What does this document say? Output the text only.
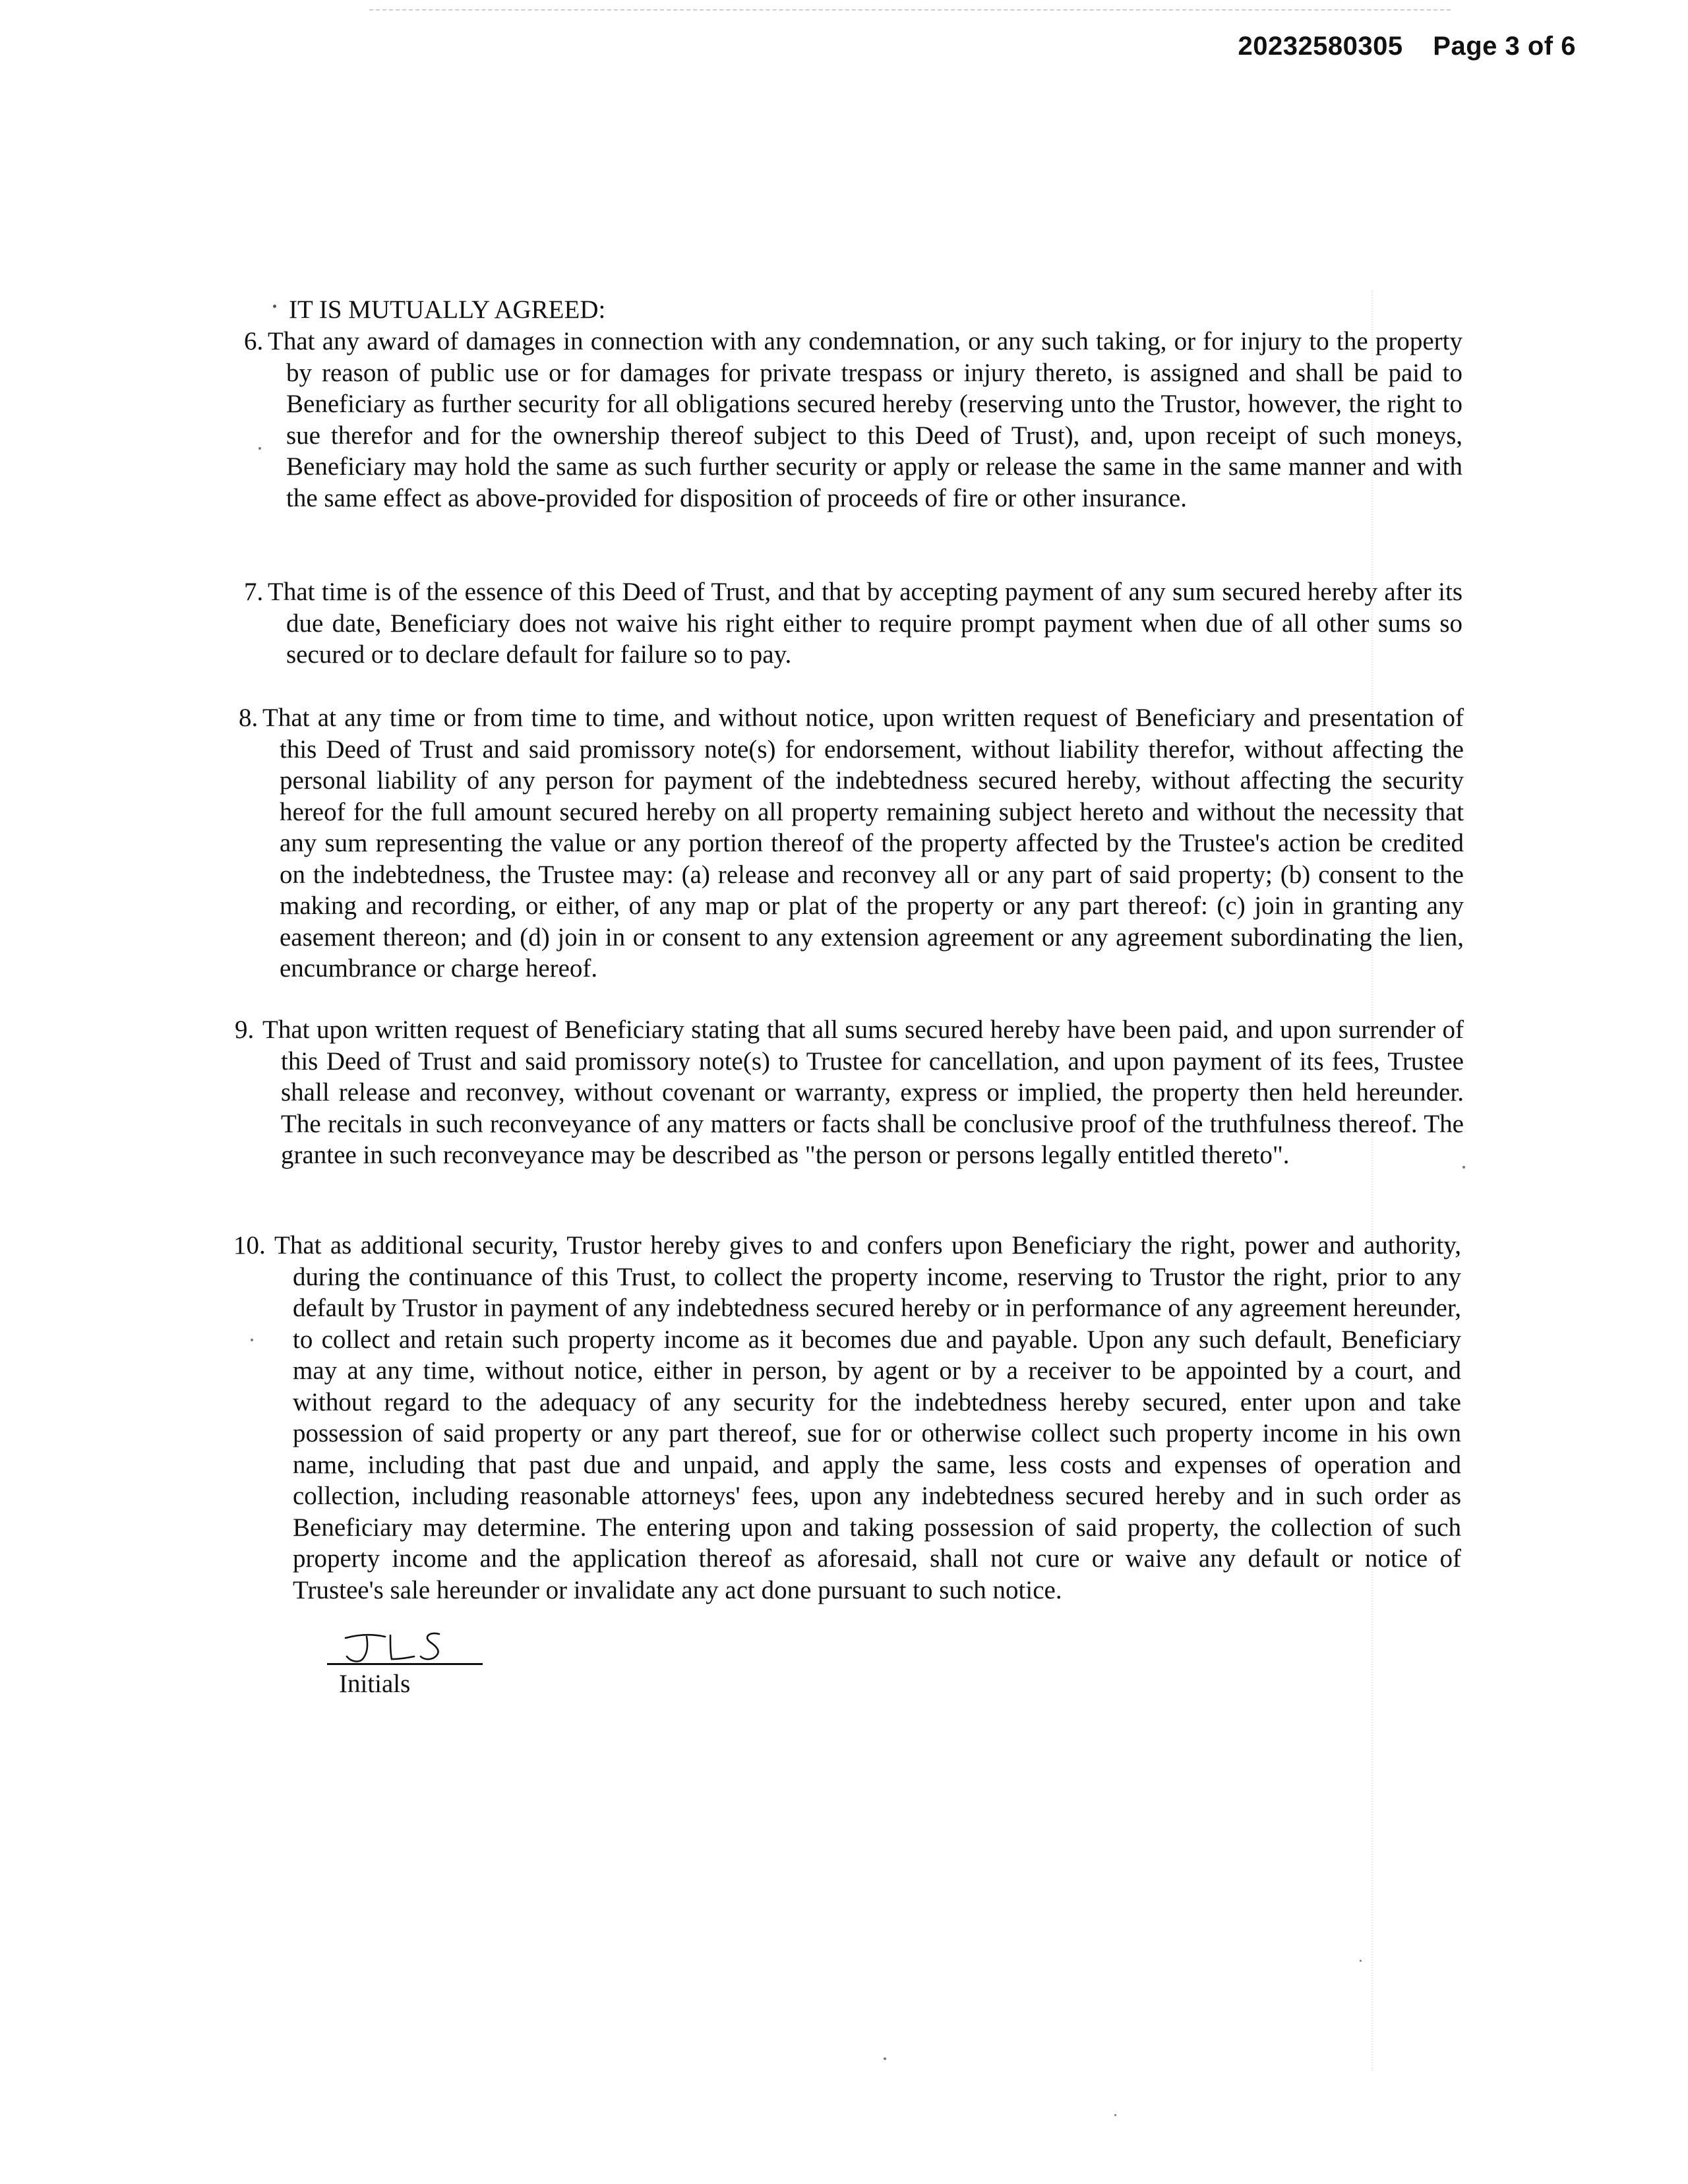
20232580305 Page 3 of 6
IT IS MUTUALLY AGREED:
6. That any award of damages in connection with any condemnation, or any such taking, or for injury to the property by reason of public use or for damages for private trespass or injury thereto, is assigned and shall be paid to Beneficiary as further security for all obligations secured hereby (reserving unto the Trustor, however, the right to sue therefor and for the ownership thereof subject to this Deed of Trust), and, upon receipt of such moneys, Beneficiary may hold the same as such further security or apply or release the same in the same manner and with the same effect as above-provided for disposition of proceeds of fire or other insurance.
7. That time is of the essence of this Deed of Trust, and that by accepting payment of any sum secured hereby after its due date, Beneficiary does not waive his right either to require prompt payment when due of all other sums so secured or to declare default for failure so to pay.
8. That at any time or from time to time, and without notice, upon written request of Beneficiary and presentation of this Deed of Trust and said promissory note(s) for endorsement, without liability therefor, without affecting the personal liability of any person for payment of the indebtedness secured hereby, without affecting the security hereof for the full amount secured hereby on all property remaining subject hereto and without the necessity that any sum representing the value or any portion thereof of the property affected by the Trustee's action be credited on the indebtedness, the Trustee may: (a) release and reconvey all or any part of said property; (b) consent to the making and recording, or either, of any map or plat of the property or any part thereof: (c) join in granting any easement thereon; and (d) join in or consent to any extension agreement or any agreement subordinating the lien, encumbrance or charge hereof.
9. That upon written request of Beneficiary stating that all sums secured hereby have been paid, and upon surrender of this Deed of Trust and said promissory note(s) to Trustee for cancellation, and upon payment of its fees, Trustee shall release and reconvey, without covenant or warranty, express or implied, the property then held hereunder. The recitals in such reconveyance of any matters or facts shall be conclusive proof of the truthfulness thereof. The grantee in such reconveyance may be described as "the person or persons legally entitled thereto".
10. That as additional security, Trustor hereby gives to and confers upon Beneficiary the right, power and authority, during the continuance of this Trust, to collect the property income, reserving to Trustor the right, prior to any default by Trustor in payment of any indebtedness secured hereby or in performance of any agreement hereunder, to collect and retain such property income as it becomes due and payable. Upon any such default, Beneficiary may at any time, without notice, either in person, by agent or by a receiver to be appointed by a court, and without regard to the adequacy of any security for the indebtedness hereby secured, enter upon and take possession of said property or any part thereof, sue for or otherwise collect such property income in his own name, including that past due and unpaid, and apply the same, less costs and expenses of operation and collection, including reasonable attorneys' fees, upon any indebtedness secured hereby and in such order as Beneficiary may determine. The entering upon and taking possession of said property, the collection of such property income and the application thereof as aforesaid, shall not cure or waive any default or notice of Trustee's sale hereunder or invalidate any act done pursuant to such notice.
Initials
